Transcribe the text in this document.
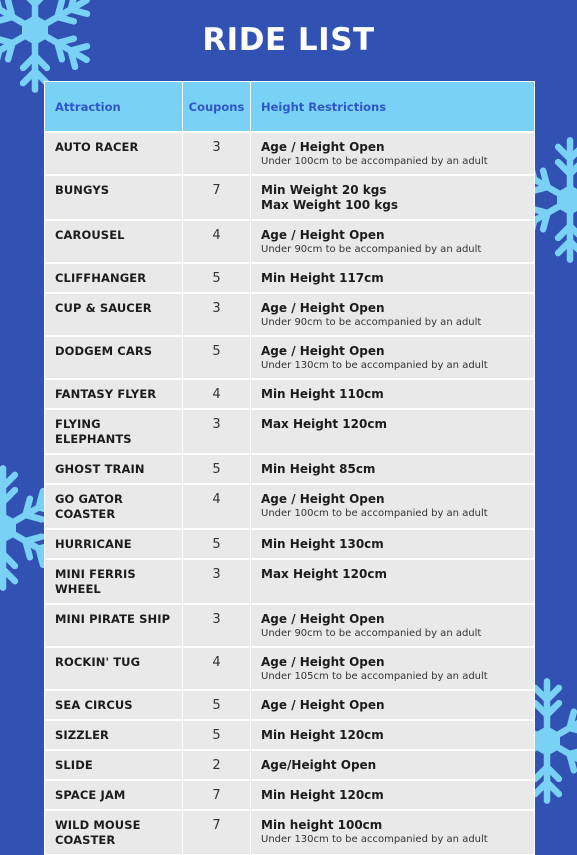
RIDE LIST
Attraction	Coupons	Height Restrictions
AUTO RACER	3	Age / Height Open
Under 100cm to be accompanied by an adult

BUNGYS	7	Min Weight 20 kgs
Max Weight 100 kgs

CAROUSEL	4	Age / Height Open
Under 90cm to be accompanied by an adult

CLIFFHANGER	5	Min Height 117cm

CUP & SAUCER	3	Age / Height Open
Under 90cm to be accompanied by an adult

DODGEM CARS	5	Age / Height Open
Under 130cm to be accompanied by an adult

FANTASY FLYER	4	Min Height 110cm

FLYING ELEPHANTS	3	Max Height 120cm

GHOST TRAIN	5	Min Height 85cm

GO GATOR COASTER	4	Age / Height Open
Under 100cm to be accompanied by an adult

HURRICANE	5	Min Height 130cm

MINI FERRIS WHEEL	3	Max Height 120cm

MINI PIRATE SHIP	3	Age / Height Open
Under 90cm to be accompanied by an adult

ROCKIN' TUG	4	Age / Height Open
Under 105cm to be accompanied by an adult

SEA CIRCUS	5	Age / Height Open

SIZZLER	5	Min Height 120cm

SLIDE	2	Age/Height Open

SPACE JAM	7	Min Height 120cm

WILD MOUSE COASTER	7	Min height 100cm
Under 130cm to be accompanied by an adult
